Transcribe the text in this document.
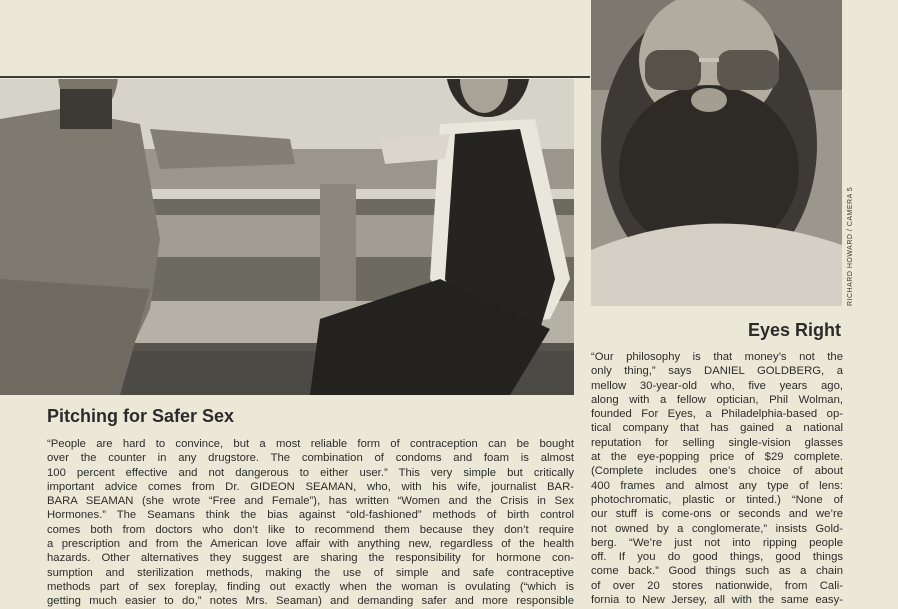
RICHARD HOWARD / CAMERA 5
Pitching for Safer Sex
“People are hard to convince, but a most reliable form of contraception can be bought
over the counter in any drugstore. The combination of condoms and foam is almost
100 percent effective and not dangerous to either user.” This very simple but critically
important advice comes from Dr. GIDEON SEAMAN, who, with his wife, journalist BAR-
BARA SEAMAN (she wrote “Free and Female”), has written “Women and the Crisis in Sex
Hormones.” The Seamans think the bias against “old-fashioned” methods of birth control
comes both from doctors who don’t like to recommend them because they don’t require
a prescription and from the American love affair with anything new, regardless of the health
hazards. Other alternatives they suggest are sharing the responsibility for hormone con-
sumption and sterilization methods, making the use of simple and safe contraceptive
methods part of sex foreplay, finding out exactly when the woman is ovulating (“which is
getting much easier to do,” notes Mrs. Seaman) and demanding safer and more responsible
Eyes Right
“Our philosophy is that money’s not the
only thing,” says DANIEL GOLDBERG, a
mellow 30-year-old who, five years ago,
along with a fellow optician, Phil Wolman,
founded For Eyes, a Philadelphia-based op-
tical company that has gained a national
reputation for selling single-vision glasses
at the eye-popping price of $29 complete.
(Complete includes one’s choice of about
400 frames and almost any type of lens:
photochromatic, plastic or tinted.) “None of
our stuff is come-ons or seconds and we’re
not owned by a conglomerate,” insists Gold-
berg. “We’re just not into ripping people
off. If you do good things, good things
come back.” Good things such as a chain
of over 20 stores nationwide, from Cali-
fornia to New Jersey, all with the same easy-
